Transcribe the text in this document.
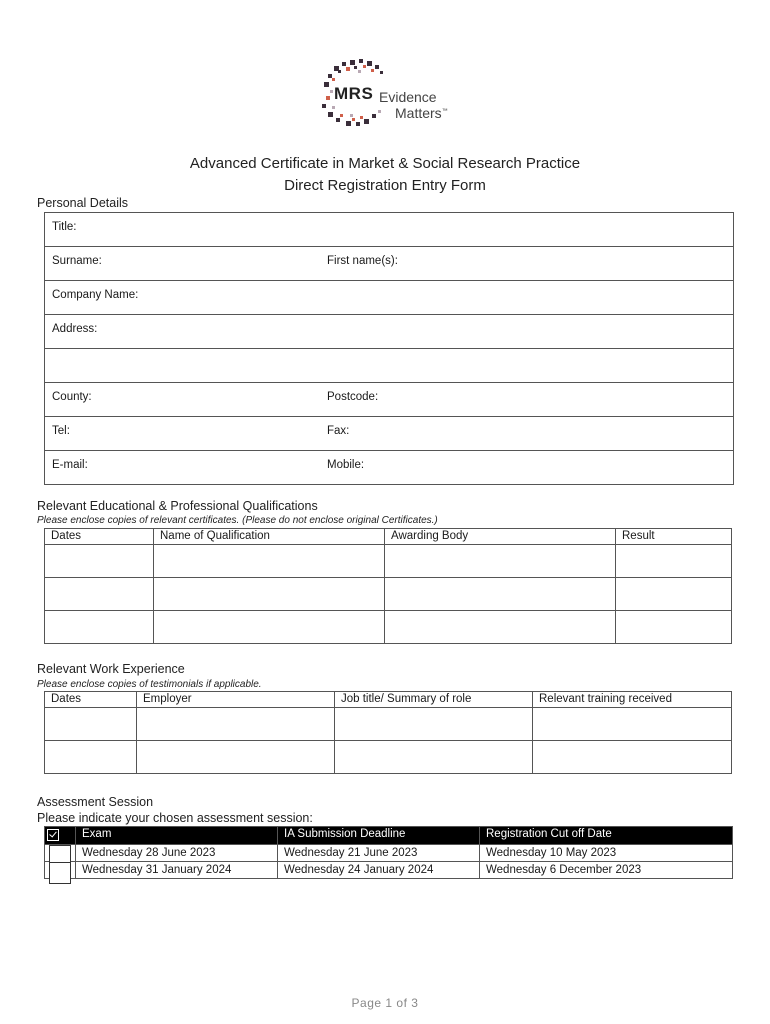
MRS Evidence
Matters™
Advanced Certificate in Market & Social Research Practice
Direct Registration Entry Form
Personal Details
Title:
Surname:	First name(s):
Company Name:
Address:
County:	Postcode:
Tel:	Fax:
E-mail:	Mobile:
Relevant Educational & Professional Qualifications
Please enclose copies of relevant certificates. (Please do not enclose original Certificates.)
Dates	Name of Qualification	Awarding Body	Result

Relevant Work Experience
Please enclose copies of testimonials if applicable.
Dates	Employer	Job title/ Summary of role	Relevant training received

Assessment Session
Please indicate your chosen assessment session:
	Exam	IA Submission Deadline	Registration Cut off Date

	Wednesday 28 June 2023	Wednesday 21 June 2023	Wednesday 10 May 2023

	Wednesday 31 January 2024	Wednesday 24 January 2024	Wednesday 6 December 2023
Page 1 of 3
